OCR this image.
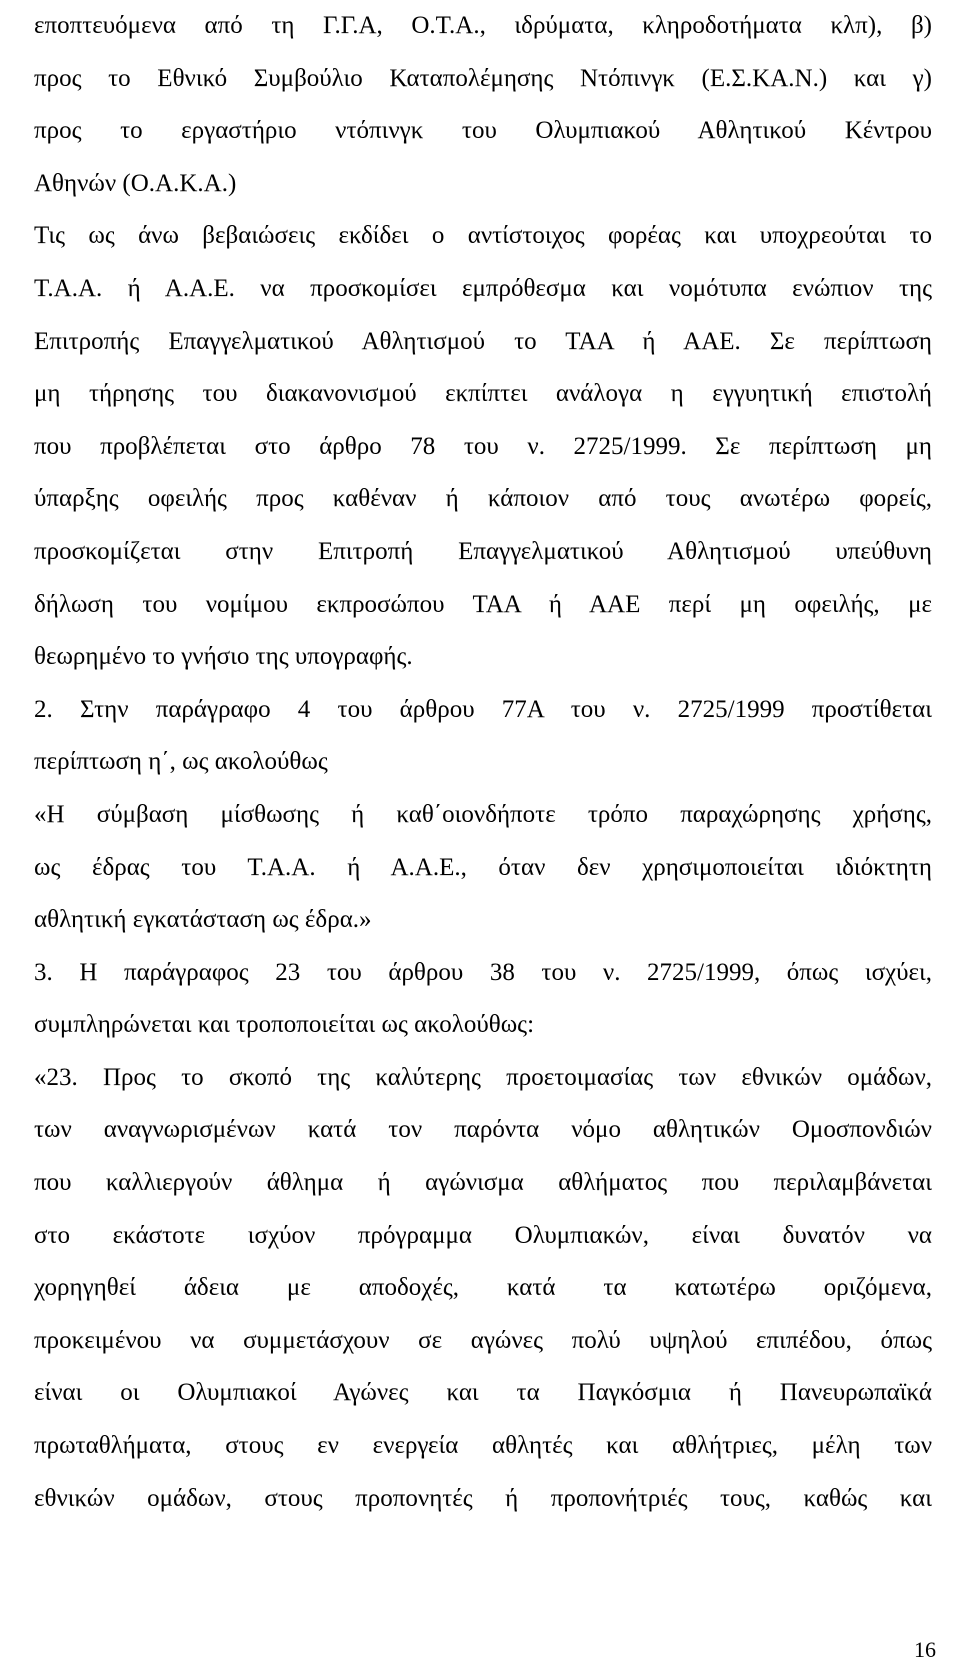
εποπτευόμενα από τη Γ.Γ.Α, Ο.Τ.Α., ιδρύματα, κληροδοτήματα κλπ), β)
προς το Εθνικό Συμβούλιο Καταπολέμησης Ντόπινγκ (Ε.Σ.ΚΑ.Ν.) και γ)
προς το εργαστήριο ντόπινγκ του Ολυμπιακού Αθλητικού Κέντρου
Αθηνών (Ο.Α.Κ.Α.)
Τις ως άνω βεβαιώσεις εκδίδει ο αντίστοιχος φορέας και υποχρεούται το
Τ.Α.Α. ή Α.Α.Ε. να προσκομίσει εμπρόθεσμα και νομότυπα ενώπιον της
Επιτροπής Επαγγελματικού Αθλητισμού το ΤΑΑ ή ΑΑΕ. Σε περίπτωση
μη τήρησης του διακανονισμού εκπίπτει ανάλογα η εγγυητική επιστολή
που προβλέπεται στο άρθρο 78 του ν. 2725/1999. Σε περίπτωση μη
ύπαρξης οφειλής προς καθέναν ή κάποιον από τους ανωτέρω φορείς,
προσκομίζεται στην Επιτροπή Επαγγελματικού Αθλητισμού υπεύθυνη
δήλωση του νομίμου εκπροσώπου ΤΑΑ ή ΑΑΕ περί μη οφειλής, με
θεωρημένο το γνήσιο της υπογραφής.
2. Στην παράγραφο 4 του άρθρου 77Α του ν. 2725/1999 προστίθεται
περίπτωση η΄, ως ακολούθως
«Η σύμβαση μίσθωσης ή καθ΄οιονδήποτε τρόπο παραχώρησης χρήσης,
ως έδρας του Τ.Α.Α. ή Α.Α.Ε., όταν δεν χρησιμοποιείται ιδιόκτητη
αθλητική εγκατάσταση ως έδρα.»
3. Η παράγραφος 23 του άρθρου 38 του ν. 2725/1999, όπως ισχύει,
συμπληρώνεται και τροποποιείται ως ακολούθως:
«23. Προς το σκοπό της καλύτερης προετοιμασίας των εθνικών ομάδων,
των αναγνωρισμένων κατά τον παρόντα νόμο αθλητικών Ομοσπονδιών
που καλλιεργούν άθλημα ή αγώνισμα αθλήματος που περιλαμβάνεται
στο εκάστοτε ισχύον πρόγραμμα Ολυμπιακών, είναι δυνατόν να
χορηγηθεί άδεια με αποδοχές, κατά τα κατωτέρω οριζόμενα,
προκειμένου να συμμετάσχουν σε αγώνες πολύ υψηλού επιπέδου, όπως
είναι οι Ολυμπιακοί Αγώνες και τα Παγκόσμια ή Πανευρωπαϊκά
πρωταθλήματα, στους εν ενεργεία αθλητές και αθλήτριες, μέλη των
εθνικών ομάδων, στους προπονητές ή προπονήτριές τους, καθώς και
16
